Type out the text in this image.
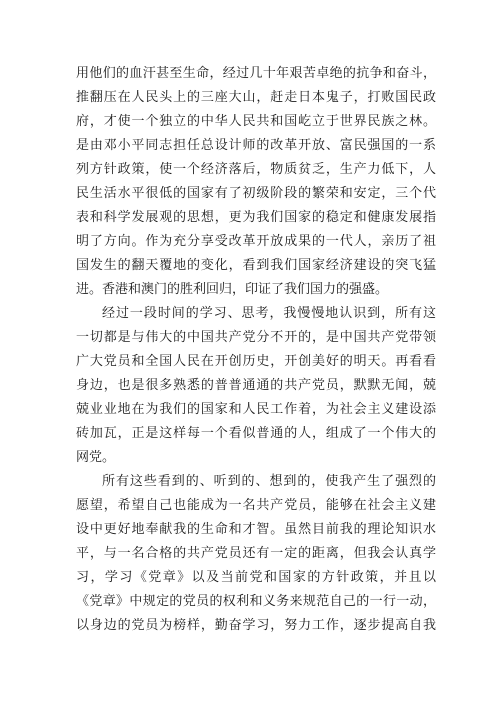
用他们的血汗甚至生命，经过几十年艰苦卓绝的抗争和奋斗，
推翻压在人民头上的三座大山，赶走日本鬼子，打败国民政
府，才使一个独立的中华人民共和国屹立于世界民族之林。
是由邓小平同志担任总设计师的改革开放、富民强国的一系
列方针政策，使一个经济落后，物质贫乏，生产力低下，人
民生活水平很低的国家有了初级阶段的繁荣和安定，三个代
表和科学发展观的思想，更为我们国家的稳定和健康发展指
明了方向。作为充分享受改革开放成果的一代人，亲历了祖
国发生的翻天覆地的变化，看到我们国家经济建设的突飞猛
进。香港和澳门的胜利回归，印证了我们国力的强盛。
经过一段时间的学习、思考，我慢慢地认识到，所有这
一切都是与伟大的中国共产党分不开的，是中国共产党带领
广大党员和全国人民在开创历史，开创美好的明天。再看看
身边，也是很多熟悉的普普通通的共产党员，默默无闻，兢
兢业业地在为我们的国家和人民工作着，为社会主义建设添
砖加瓦，正是这样每一个看似普通的人，组成了一个伟大的
网党。
所有这些看到的、听到的、想到的，使我产生了强烈的
愿望，希望自己也能成为一名共产党员，能够在社会主义建
设中更好地奉献我的生命和才智。虽然目前我的理论知识水
平，与一名合格的共产党员还有一定的距离，但我会认真学
习，学习《党章》以及当前党和国家的方针政策，并且以
《党章》中规定的党员的权利和义务来规范自己的一行一动，
以身边的党员为榜样，勤奋学习，努力工作，逐步提高自我
